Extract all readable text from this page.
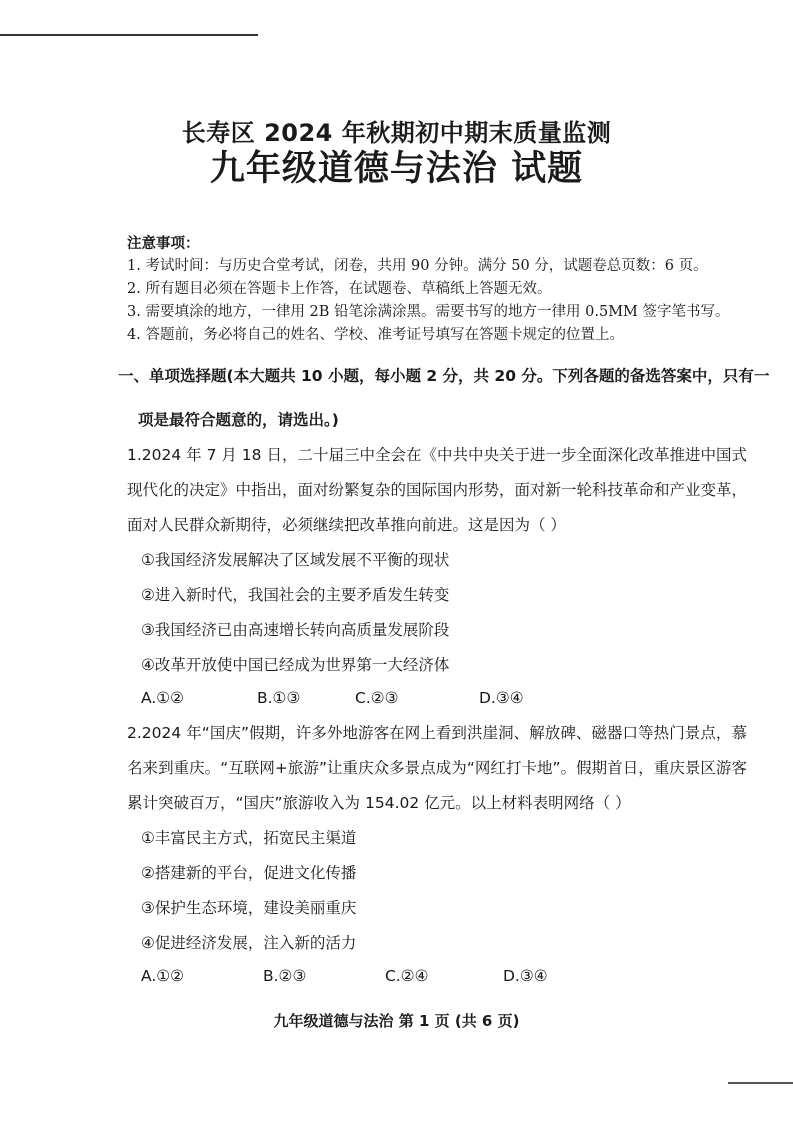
长寿区 2024 年秋期初中期末质量监测
九年级道德与法治 试题
注意事项：
1. 考试时间：与历史合堂考试，闭卷，共用 90 分钟。满分 50 分，试题卷总页数：6 页。
2. 所有题目必须在答题卡上作答，在试题卷、草稿纸上答题无效。
3. 需要填涂的地方，一律用 2B 铅笔涂满涂黑。需要书写的地方一律用 0.5MM 签字笔书写。
4. 答题前，务必将自己的姓名、学校、准考证号填写在答题卡规定的位置上。
一、单项选择题(本大题共 10 小题，每小题 2 分，共 20 分。下列各题的备选答案中，只有一
项是最符合题意的，请选出。)
1.2024 年 7 月 18 日，二十届三中全会在《中共中央关于进一步全面深化改革推进中国式现代化的决定》中指出，面对纷繁复杂的国际国内形势，面对新一轮科技革命和产业变革，面对人民群众新期待，必须继续把改革推向前进。这是因为（ ）
①我国经济发展解决了区域发展不平衡的现状
②进入新时代，我国社会的主要矛盾发生转变
③我国经济已由高速增长转向高质量发展阶段
④改革开放使中国已经成为世界第一大经济体
A.①②	B.①③	C.②③	D.③④
2.2024 年“国庆”假期，许多外地游客在网上看到洪崖洞、解放碑、磁器口等热门景点，慕名来到重庆。“互联网+旅游”让重庆众多景点成为“网红打卡地”。假期首日，重庆景区游客累计突破百万，“国庆”旅游收入为 154.02 亿元。以上材料表明网络（ ）
①丰富民主方式，拓宽民主渠道
②搭建新的平台，促进文化传播
③保护生态环境，建设美丽重庆
④促进经济发展，注入新的活力
A.①②	B.②③	C.②④	D.③④
九年级道德与法治 第 1 页 (共 6 页)
